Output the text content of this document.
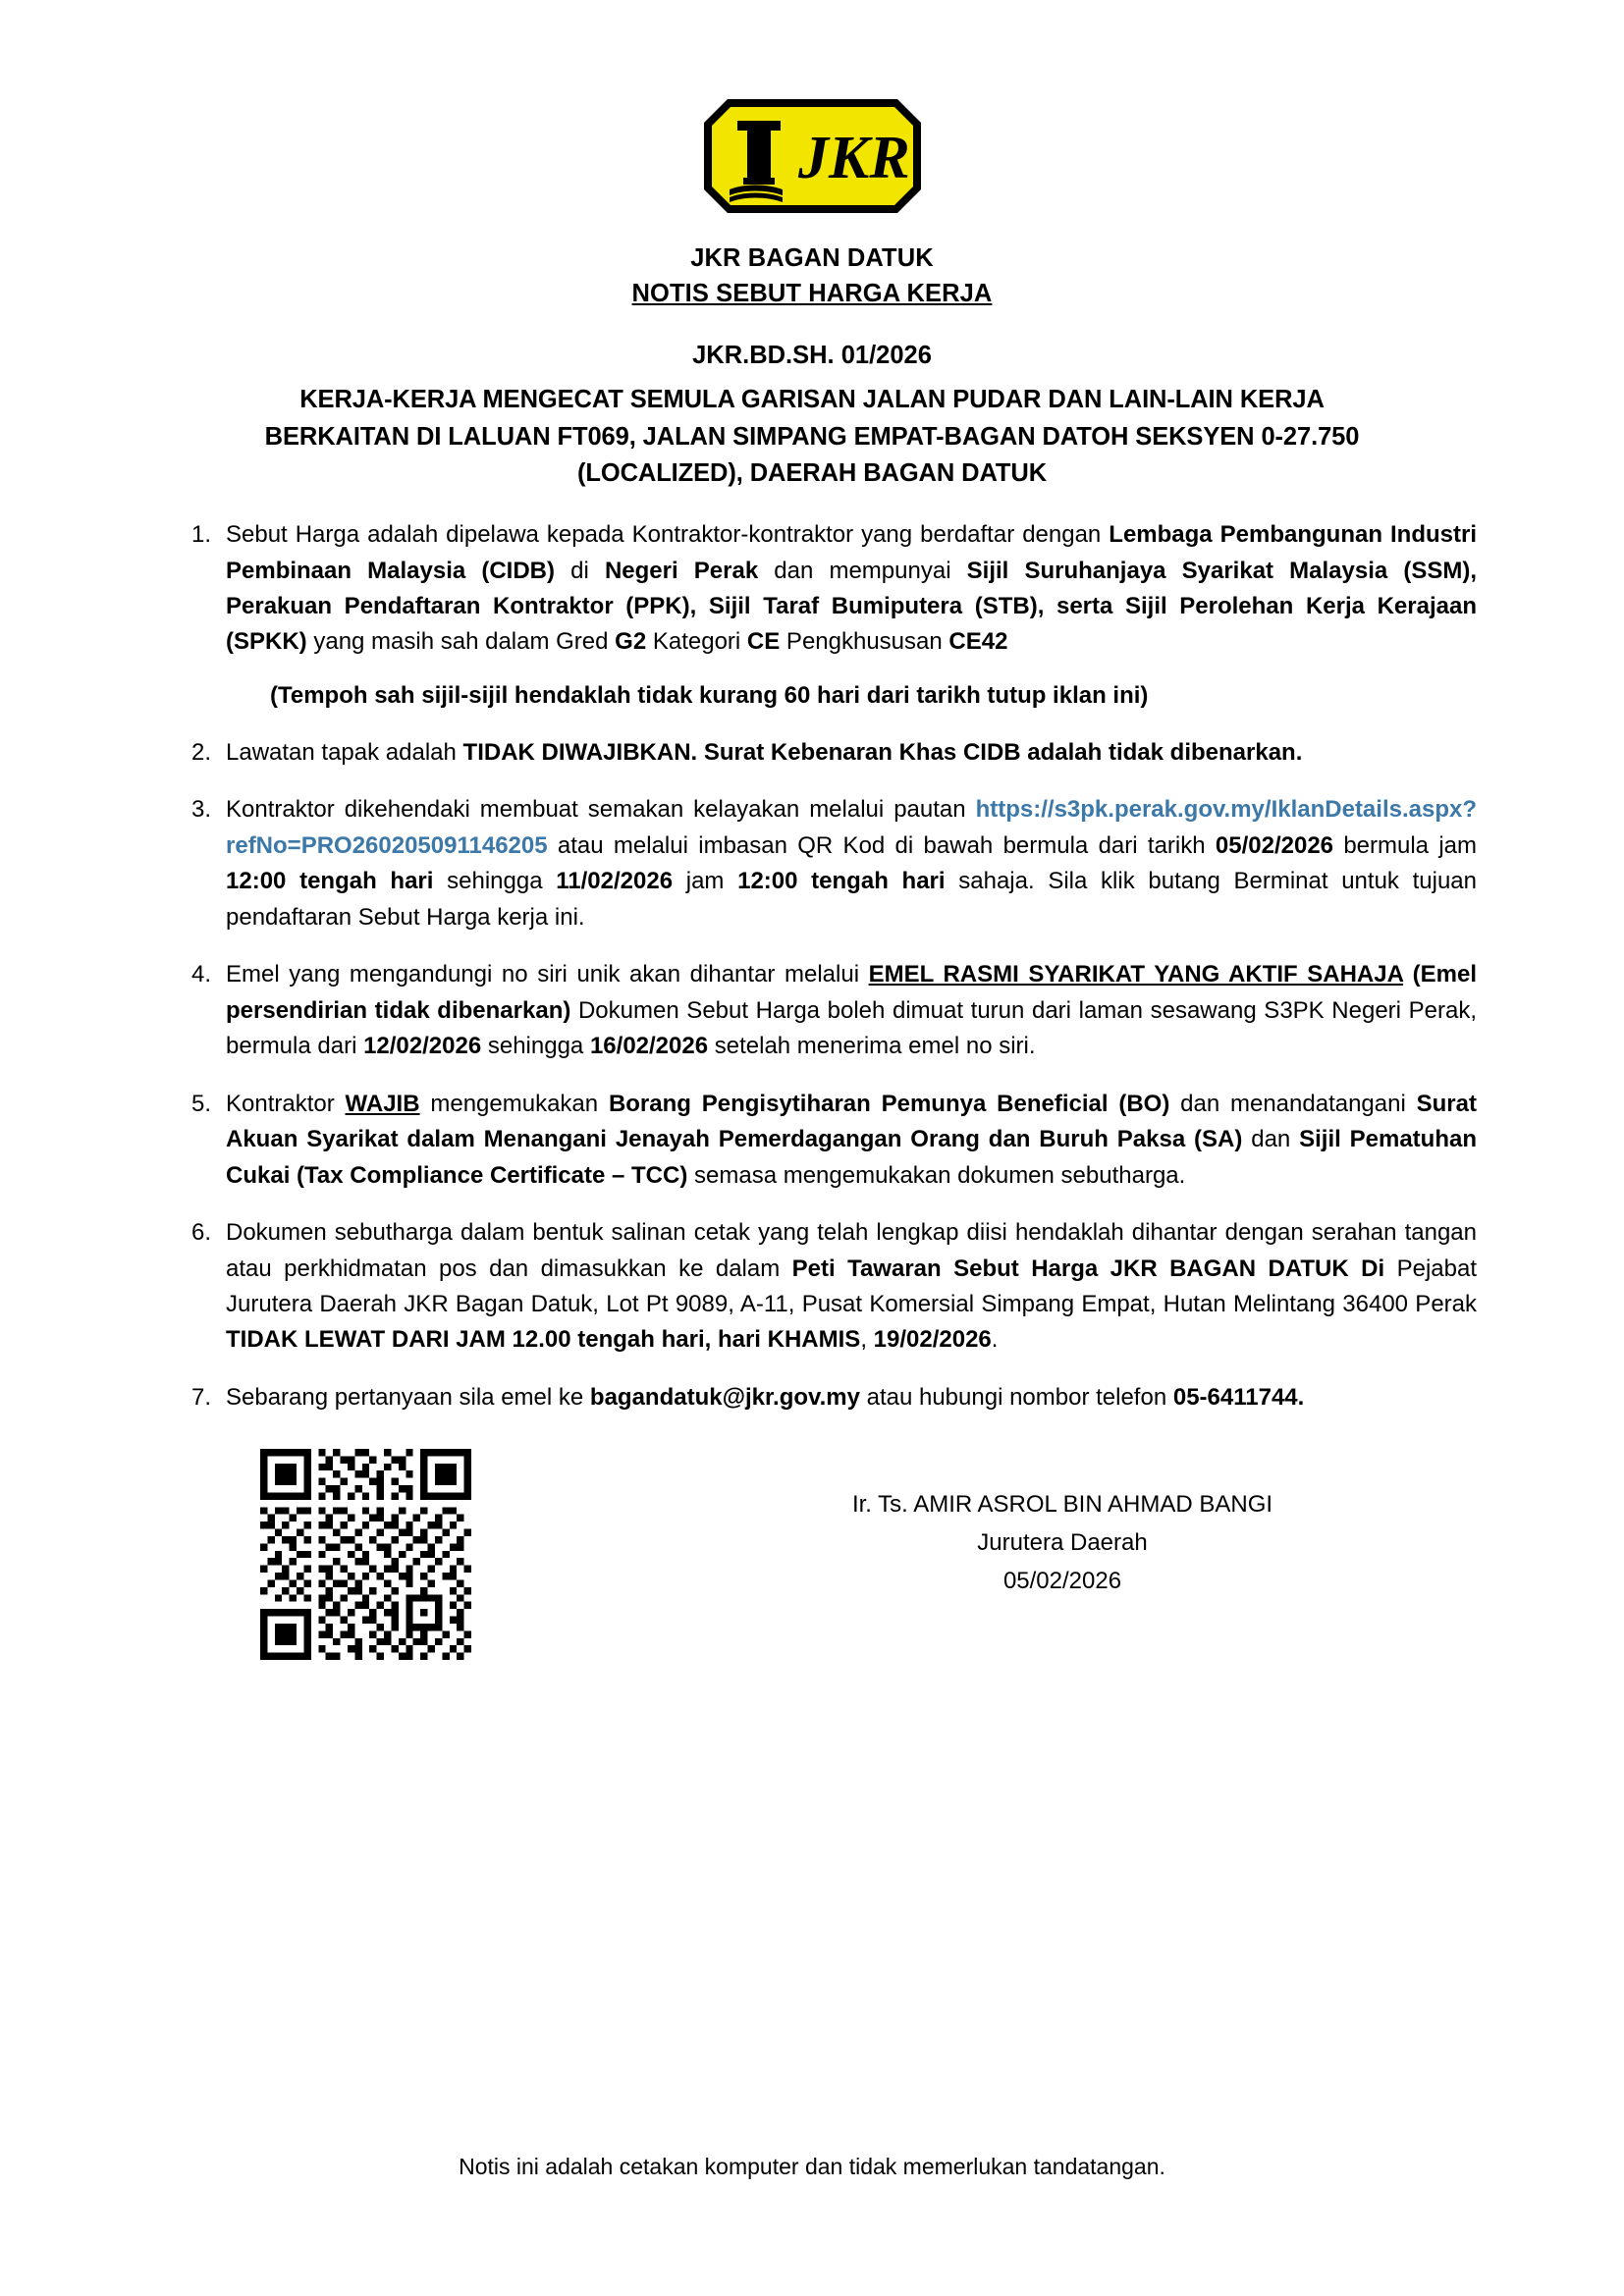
JKR
JKR BAGAN DATUK
NOTIS SEBUT HARGA KERJA
JKR.BD.SH. 01/2026
KERJA-KERJA MENGECAT SEMULA GARISAN JALAN PUDAR DAN LAIN-LAIN KERJA
BERKAITAN DI LALUAN FT069, JALAN SIMPANG EMPAT-BAGAN DATOH SEKSYEN 0-27.750
(LOCALIZED), DAERAH BAGAN DATUK
1. Sebut Harga adalah dipelawa kepada Kontraktor-kontraktor yang berdaftar dengan Lembaga Pembangunan Industri Pembinaan Malaysia (CIDB) di Negeri Perak dan mempunyai Sijil Suruhanjaya Syarikat Malaysia (SSM), Perakuan Pendaftaran Kontraktor (PPK), Sijil Taraf Bumiputera (STB), serta Sijil Perolehan Kerja Kerajaan (SPKK) yang masih sah dalam Gred G2 Kategori CE Pengkhususan CE42
(Tempoh sah sijil-sijil hendaklah tidak kurang 60 hari dari tarikh tutup iklan ini)
2. Lawatan tapak adalah TIDAK DIWAJIBKAN. Surat Kebenaran Khas CIDB adalah tidak dibenarkan.
3. Kontraktor dikehendaki membuat semakan kelayakan melalui pautan https://s3pk.perak.gov.my/IklanDetails.aspx?refNo=PRO260205091146205 atau melalui imbasan QR Kod di bawah bermula dari tarikh 05/02/2026 bermula jam 12:00 tengah hari sehingga 11/02/2026 jam 12:00 tengah hari sahaja. Sila klik butang Berminat untuk tujuan pendaftaran Sebut Harga kerja ini.
4. Emel yang mengandungi no siri unik akan dihantar melalui EMEL RASMI SYARIKAT YANG AKTIF SAHAJA (Emel persendirian tidak dibenarkan) Dokumen Sebut Harga boleh dimuat turun dari laman sesawang S3PK Negeri Perak, bermula dari 12/02/2026 sehingga 16/02/2026 setelah menerima emel no siri.
5. Kontraktor WAJIB mengemukakan Borang Pengisytiharan Pemunya Beneficial (BO) dan menandatangani Surat Akuan Syarikat dalam Menangani Jenayah Pemerdagangan Orang dan Buruh Paksa (SA) dan Sijil Pematuhan Cukai (Tax Compliance Certificate – TCC) semasa mengemukakan dokumen sebutharga.
6. Dokumen sebutharga dalam bentuk salinan cetak yang telah lengkap diisi hendaklah dihantar dengan serahan tangan atau perkhidmatan pos dan dimasukkan ke dalam Peti Tawaran Sebut Harga JKR BAGAN DATUK Di Pejabat Jurutera Daerah JKR Bagan Datuk, Lot Pt 9089, A-11, Pusat Komersial Simpang Empat, Hutan Melintang 36400 Perak TIDAK LEWAT DARI JAM 12.00 tengah hari, hari KHAMIS, 19/02/2026.
7. Sebarang pertanyaan sila emel ke bagandatuk@jkr.gov.my atau hubungi nombor telefon 05-6411744.
Ir. Ts. AMIR ASROL BIN AHMAD BANGI
Jurutera Daerah
05/02/2026
Notis ini adalah cetakan komputer dan tidak memerlukan tandatangan.
